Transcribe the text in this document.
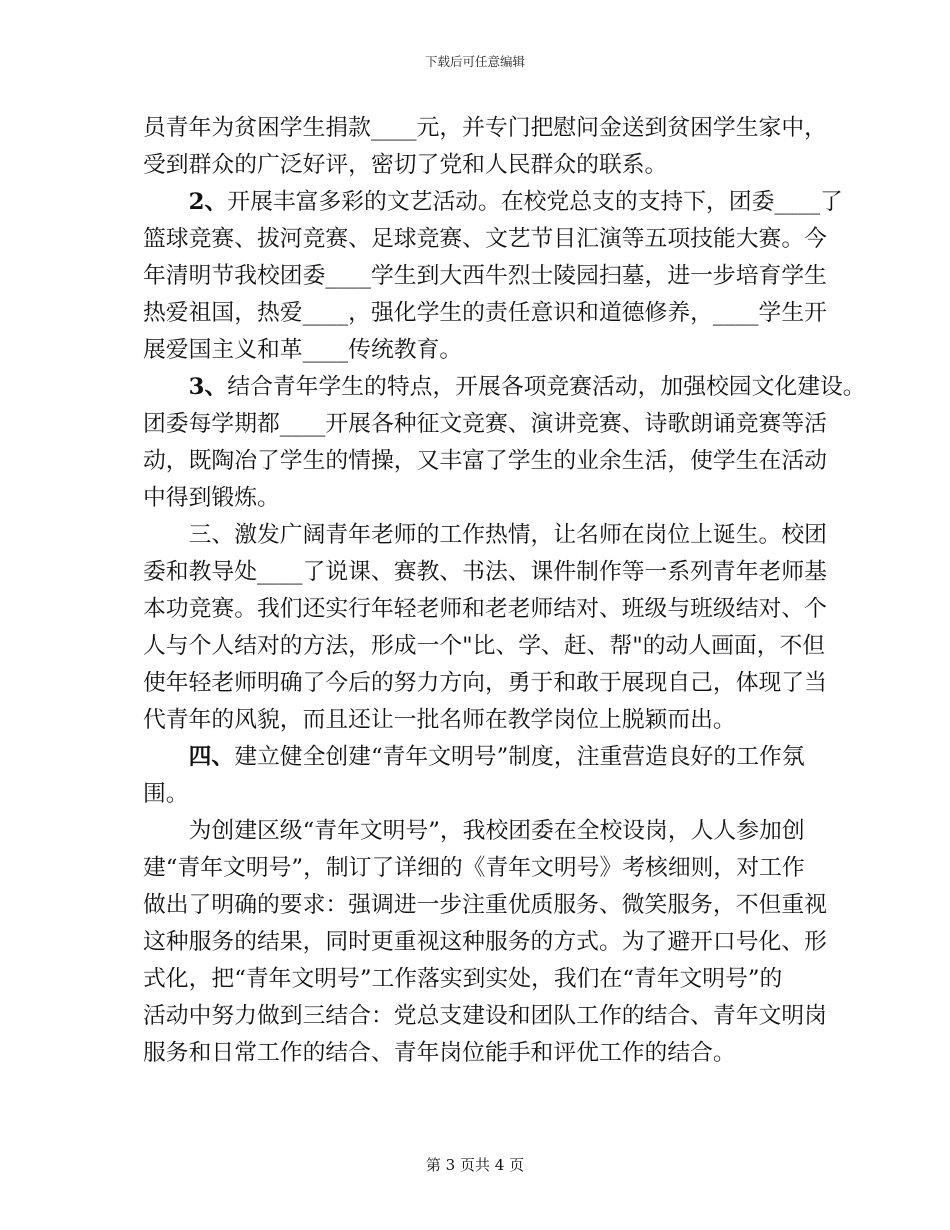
下载后可任意编辑
员青年为贫困学生捐款____元，并专门把慰问金送到贫困学生家中，
受到群众的广泛好评，密切了党和人民群众的联系。
2、开展丰富多彩的文艺活动。在校党总支的支持下，团委____了
篮球竞赛、拔河竞赛、足球竞赛、文艺节目汇演等五项技能大赛。今
年清明节我校团委____学生到大西牛烈士陵园扫墓，进一步培育学生
热爱祖国，热爱____，强化学生的责任意识和道德修养，____学生开
展爱国主义和革____传统教育。
3、结合青年学生的特点，开展各项竞赛活动，加强校园文化建设。
团委每学期都____开展各种征文竞赛、演讲竞赛、诗歌朗诵竞赛等活
动，既陶冶了学生的情操，又丰富了学生的业余生活，使学生在活动
中得到锻炼。
三、激发广阔青年老师的工作热情，让名师在岗位上诞生。校团
委和教导处____了说课、赛教、书法、课件制作等一系列青年老师基
本功竞赛。我们还实行年轻老师和老老师结对、班级与班级结对、个
人与个人结对的方法，形成一个"比、学、赶、帮"的动人画面，不但
使年轻老师明确了今后的努力方向，勇于和敢于展现自己，体现了当
代青年的风貌，而且还让一批名师在教学岗位上脱颖而出。
四、建立健全创建“青年文明号”制度，注重营造良好的工作氛
围。
为创建区级“青年文明号”，我校团委在全校设岗，人人参加创
建“青年文明号”，制订了详细的《青年文明号》考核细则，对工作
做出了明确的要求：强调进一步注重优质服务、微笑服务，不但重视
这种服务的结果，同时更重视这种服务的方式。为了避开口号化、形
式化，把“青年文明号”工作落实到实处，我们在“青年文明号”的
活动中努力做到三结合：党总支建设和团队工作的结合、青年文明岗
服务和日常工作的结合、青年岗位能手和评优工作的结合。
第 3 页共 4 页
